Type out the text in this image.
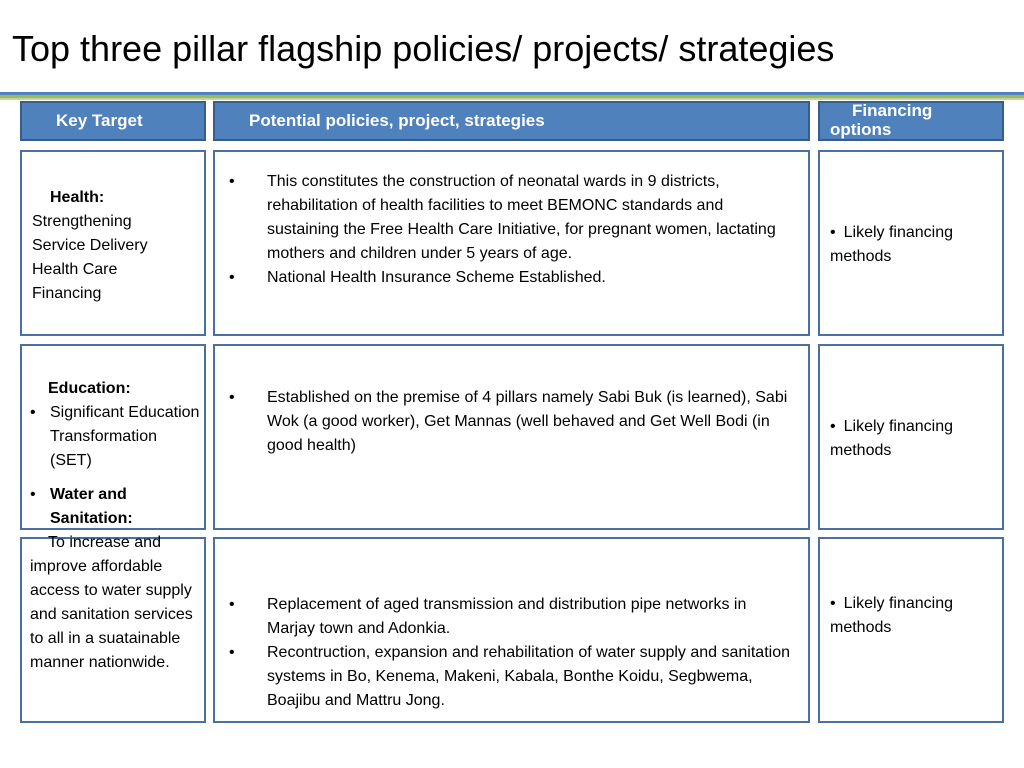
Top three pillar flagship policies/ projects/ strategies
Key Target	Potential policies, project, strategies
Financing
options
Health:
Strengthening
Service Delivery
Health Care
Financing
• This constitutes the construction of neonatal wards in 9 districts, rehabilitation of health facilities to meet BEMONC standards and sustaining the Free Health Care Initiative, for pregnant women, lactating mothers and children under 5 years of age.
• National Health Insurance Scheme Established.
• Likely financing methods
• Established on the premise of 4 pillars namely Sabi Buk (is learned), Sabi Wok (a good worker), Get Mannas (well behaved and Get Well Bodi (in good health)
• Likely financing methods
• Replacement of aged transmission and distribution pipe networks in Marjay town and Adonkia.
• Recontruction, expansion and rehabilitation of water supply and sanitation systems in Bo, Kenema, Makeni, Kabala, Bonthe Koidu, Segbwema, Boajibu and Mattru Jong.
• Likely financing methods
Education:
• Significant Education Transformation (SET)
• Water and Sanitation:
To increase and improve affordable access to water supply and sanitation services to all in a suatainable manner nationwide.
